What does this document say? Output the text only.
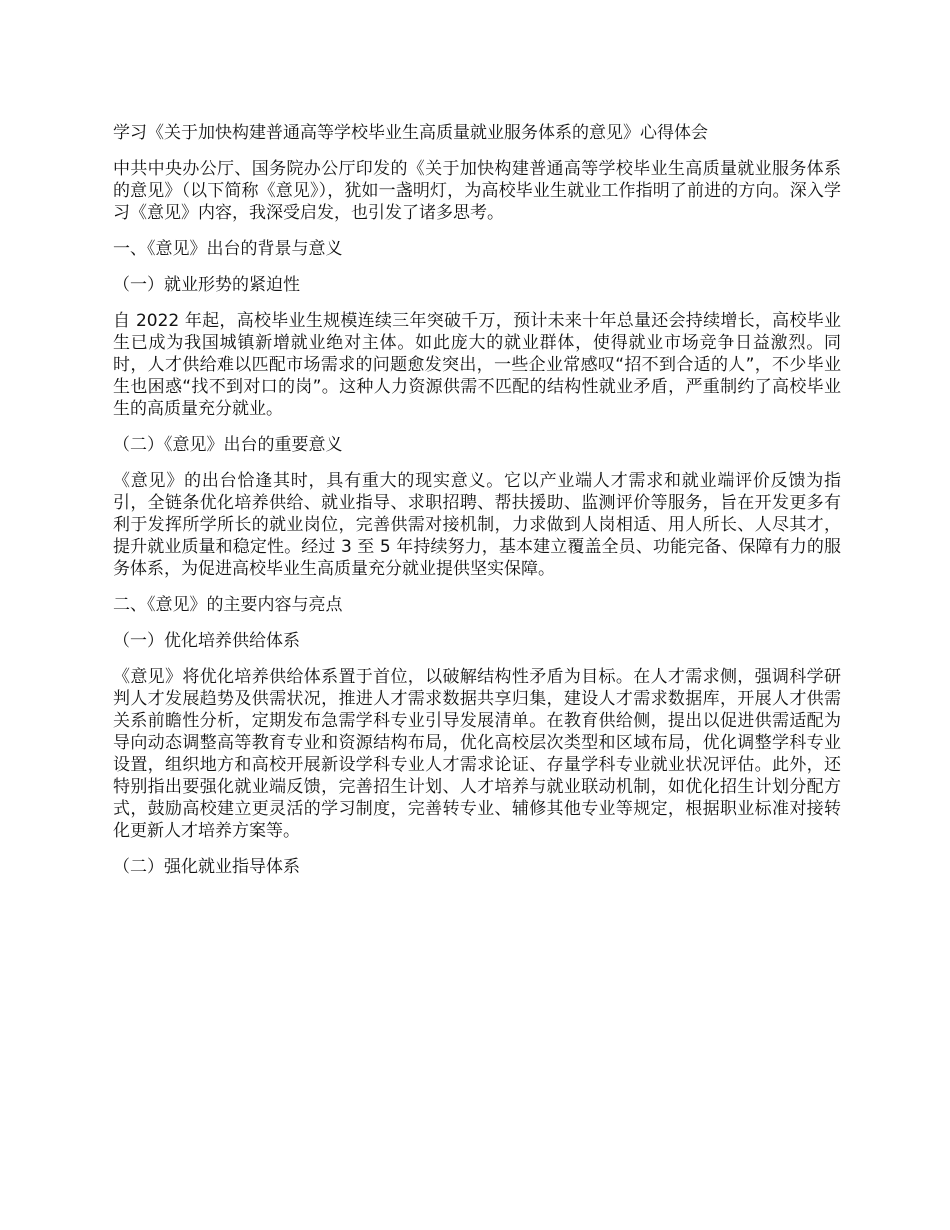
学习《关于加快构建普通高等学校毕业生高质量就业服务体系的意见》心得体会

中共中央办公厅、国务院办公厅印发的《关于加快构建普通高等学校毕业生高质量就业服务体系的意见》（以下简称《意见》），犹如一盏明灯，为高校毕业生就业工作指明了前进的方向。深入学习《意见》内容，我深受启发，也引发了诸多思考。

一、《意见》出台的背景与意义

（一）就业形势的紧迫性

自 2022 年起，高校毕业生规模连续三年突破千万，预计未来十年总量还会持续增长，高校毕业生已成为我国城镇新增就业绝对主体。如此庞大的就业群体，使得就业市场竞争日益激烈。同时，人才供给难以匹配市场需求的问题愈发突出，一些企业常感叹“招不到合适的人”，不少毕业生也困惑“找不到对口的岗”。这种人力资源供需不匹配的结构性就业矛盾，严重制约了高校毕业生的高质量充分就业。

（二）《意见》出台的重要意义

《意见》的出台恰逢其时，具有重大的现实意义。它以产业端人才需求和就业端评价反馈为指引，全链条优化培养供给、就业指导、求职招聘、帮扶援助、监测评价等服务，旨在开发更多有利于发挥所学所长的就业岗位，完善供需对接机制，力求做到人岗相适、用人所长、人尽其才，提升就业质量和稳定性。经过 3 至 5 年持续努力，基本建立覆盖全员、功能完备、保障有力的服务体系，为促进高校毕业生高质量充分就业提供坚实保障。

二、《意见》的主要内容与亮点

（一）优化培养供给体系

《意见》将优化培养供给体系置于首位，以破解结构性矛盾为目标。在人才需求侧，强调科学研判人才发展趋势及供需状况，推进人才需求数据共享归集，建设人才需求数据库，开展人才供需关系前瞻性分析，定期发布急需学科专业引导发展清单。在教育供给侧，提出以促进供需适配为导向动态调整高等教育专业和资源结构布局，优化高校层次类型和区域布局，优化调整学科专业设置，组织地方和高校开展新设学科专业人才需求论证、存量学科专业就业状况评估。此外，还特别指出要强化就业端反馈，完善招生计划、人才培养与就业联动机制，如优化招生计划分配方式，鼓励高校建立更灵活的学习制度，完善转专业、辅修其他专业等规定，根据职业标准对接转化更新人才培养方案等。

（二）强化就业指导体系
